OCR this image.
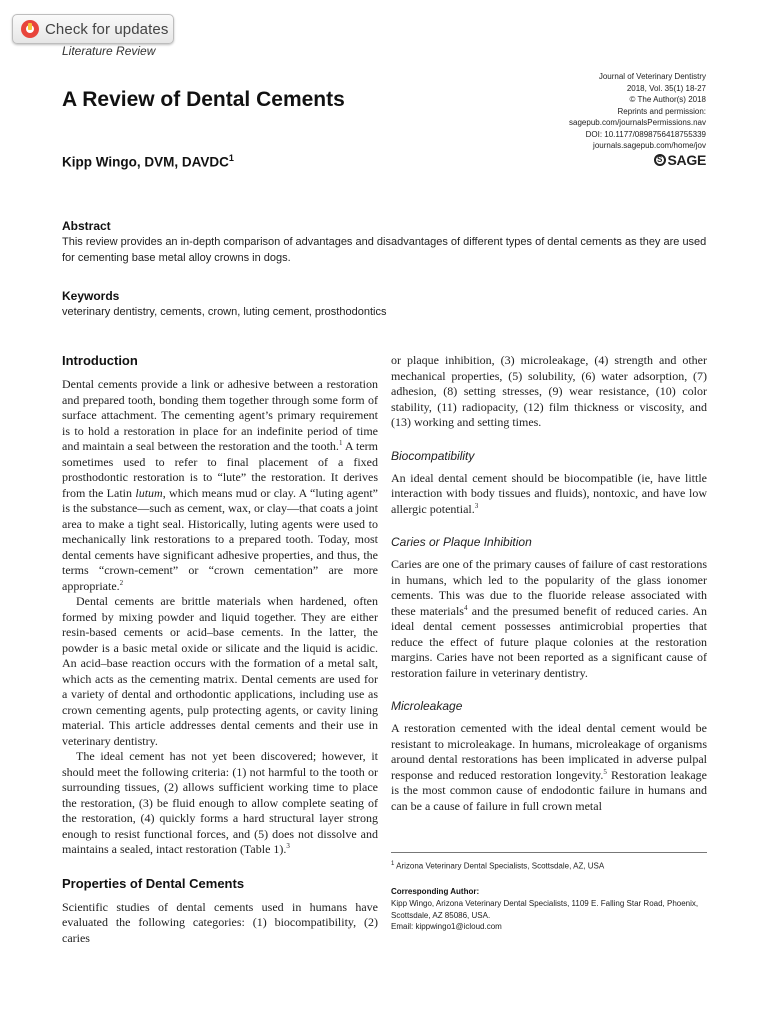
Check for updates
Literature Review
A Review of Dental Cements
Kipp Wingo, DVM, DAVDC$^1$
Journal of Veterinary Dentistry
2018, Vol. 35(1) 18-27
© The Author(s) 2018
Reprints and permission:
sagepub.com/journalsPermissions.nav
DOI: 10.1177/0898756418755339
journals.sagepub.com/home/jov
S SAGE
Abstract
This review provides an in-depth comparison of advantages and disadvantages of different types of dental cements as they are used for cementing base metal alloy crowns in dogs.
Keywords
veterinary dentistry, cements, crown, luting cement, prosthodontics
Introduction

Dental cements provide a link or adhesive between a restoration and prepared tooth, bonding them together through some form of surface attachment. The cementing agent’s primary requirement is to hold a restoration in place for an indefinite period of time and maintain a seal between the restoration and the tooth.$^1$ A term sometimes used to refer to final placement of a fixed prosthodontic restoration is to “lute” the restoration. It derives from the Latin lutum, which means mud or clay. A “luting agent” is the substance—such as cement, wax, or clay—that coats a joint area to make a tight seal. Historically, luting agents were used to mechanically link restorations to a prepared tooth. Today, most dental cements have significant adhesive properties, and thus, the terms “crown-cement” or “crown cementation” are more appropriate.$^2$

Dental cements are brittle materials when hardened, often formed by mixing powder and liquid together. They are either resin-based cements or acid–base cements. In the latter, the powder is a basic metal oxide or silicate and the liquid is acidic. An acid–base reaction occurs with the formation of a metal salt, which acts as the cementing matrix. Dental cements are used for a variety of dental and orthodontic applications, including use as crown cementing agents, pulp protecting agents, or cavity lining material. This article addresses dental cements and their use in veterinary dentistry.

The ideal cement has not yet been discovered; however, it should meet the following criteria: (1) not harmful to the tooth or surrounding tissues, (2) allows sufficient working time to place the restoration, (3) be fluid enough to allow complete seating of the restoration, (4) quickly forms a hard structural layer strong enough to resist functional forces, and (5) does not dissolve and maintains a sealed, intact restoration (Table 1).$^3$

Properties of Dental Cements

Scientific studies of dental cements used in humans have evaluated the following categories: (1) biocompatibility, (2) caries

or plaque inhibition, (3) microleakage, (4) strength and other mechanical properties, (5) solubility, (6) water adsorption, (7) adhesion, (8) setting stresses, (9) wear resistance, (10) color stability, (11) radiopacity, (12) film thickness or viscosity, and (13) working and setting times.

Biocompatibility

An ideal dental cement should be biocompatible (ie, have little interaction with body tissues and fluids), nontoxic, and have low allergic potential.$^3$

Caries or Plaque Inhibition

Caries are one of the primary causes of failure of cast restorations in humans, which led to the popularity of the glass ionomer cements. This was due to the fluoride release associated with these materials$^4$ and the presumed benefit of reduced caries. An ideal dental cement possesses antimicrobial properties that reduce the effect of future plaque colonies at the restoration margins. Caries have not been reported as a significant cause of restoration failure in veterinary dentistry.

Microleakage

A restoration cemented with the ideal dental cement would be resistant to microleakage. In humans, microleakage of organisms around dental restorations has been implicated in adverse pulpal response and reduced restoration longevity.$^5$ Restoration leakage is the most common cause of endodontic failure in humans and can be a cause of failure in full crown metal

$^1$ Arizona Veterinary Dental Specialists, Scottsdale, AZ, USA
Corresponding Author:
Kipp Wingo, Arizona Veterinary Dental Specialists, 1109 E. Falling Star Road, Phoenix, Scottsdale, AZ 85086, USA.
Email: kippwingo1@icloud.com
